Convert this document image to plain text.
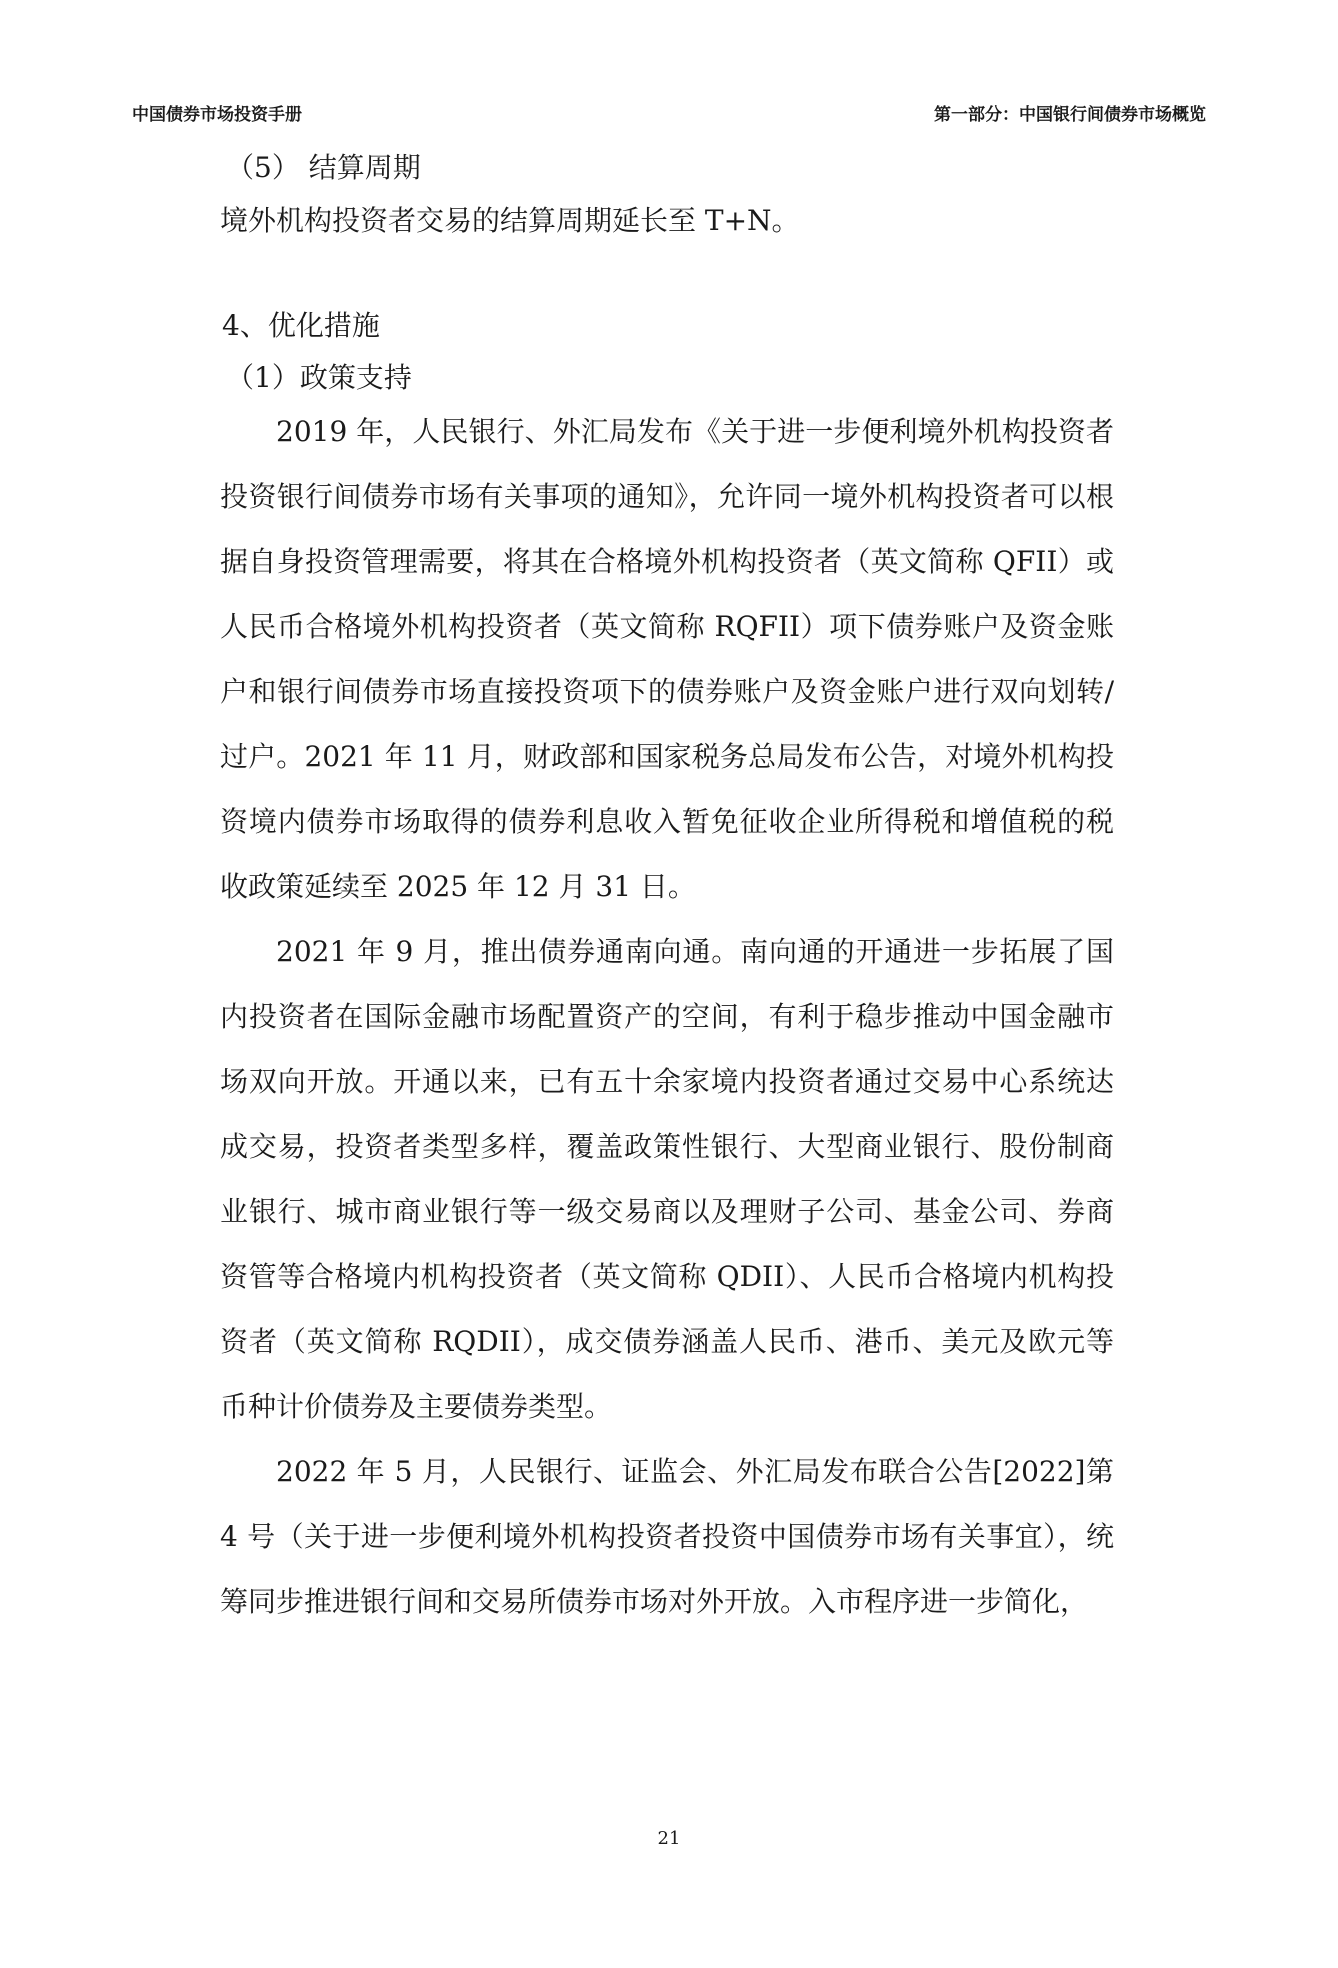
中国债券市场投资手册	第一部分：中国银行间债券市场概览
（5） 结算周期
境外机构投资者交易的结算周期延长至 T+N。
4、优化措施
（1）政策支持

2019 年，人民银行、外汇局发布《关于进一步便利境外机构投资者投资银行间债券市场有关事项的通知》，允许同一境外机构投资者可以根据自身投资管理需要，将其在合格境外机构投资者（英文简称 QFII）或人民币合格境外机构投资者（英文简称 RQFII）项下债券账户及资金账户和银行间债券市场直接投资项下的债券账户及资金账户进行双向划转/过户。2021 年 11 月，财政部和国家税务总局发布公告，对境外机构投资境内债券市场取得的债券利息收入暂免征收企业所得税和增值税的税收政策延续至 2025 年 12 月 31 日。

2021 年 9 月，推出债券通南向通。南向通的开通进一步拓展了国内投资者在国际金融市场配置资产的空间，有利于稳步推动中国金融市场双向开放。开通以来，已有五十余家境内投资者通过交易中心系统达成交易，投资者类型多样，覆盖政策性银行、大型商业银行、股份制商业银行、城市商业银行等一级交易商以及理财子公司、基金公司、券商资管等合格境内机构投资者（英文简称 QDII）、人民币合格境内机构投资者（英文简称 RQDII），成交债券涵盖人民币、港币、美元及欧元等币种计价债券及主要债券类型。

2022 年 5 月，人民银行、证监会、外汇局发布联合公告[2022]第 4 号（关于进一步便利境外机构投资者投资中国债券市场有关事宜），统筹同步推进银行间和交易所债券市场对外开放。入市程序进一步简化，

21
